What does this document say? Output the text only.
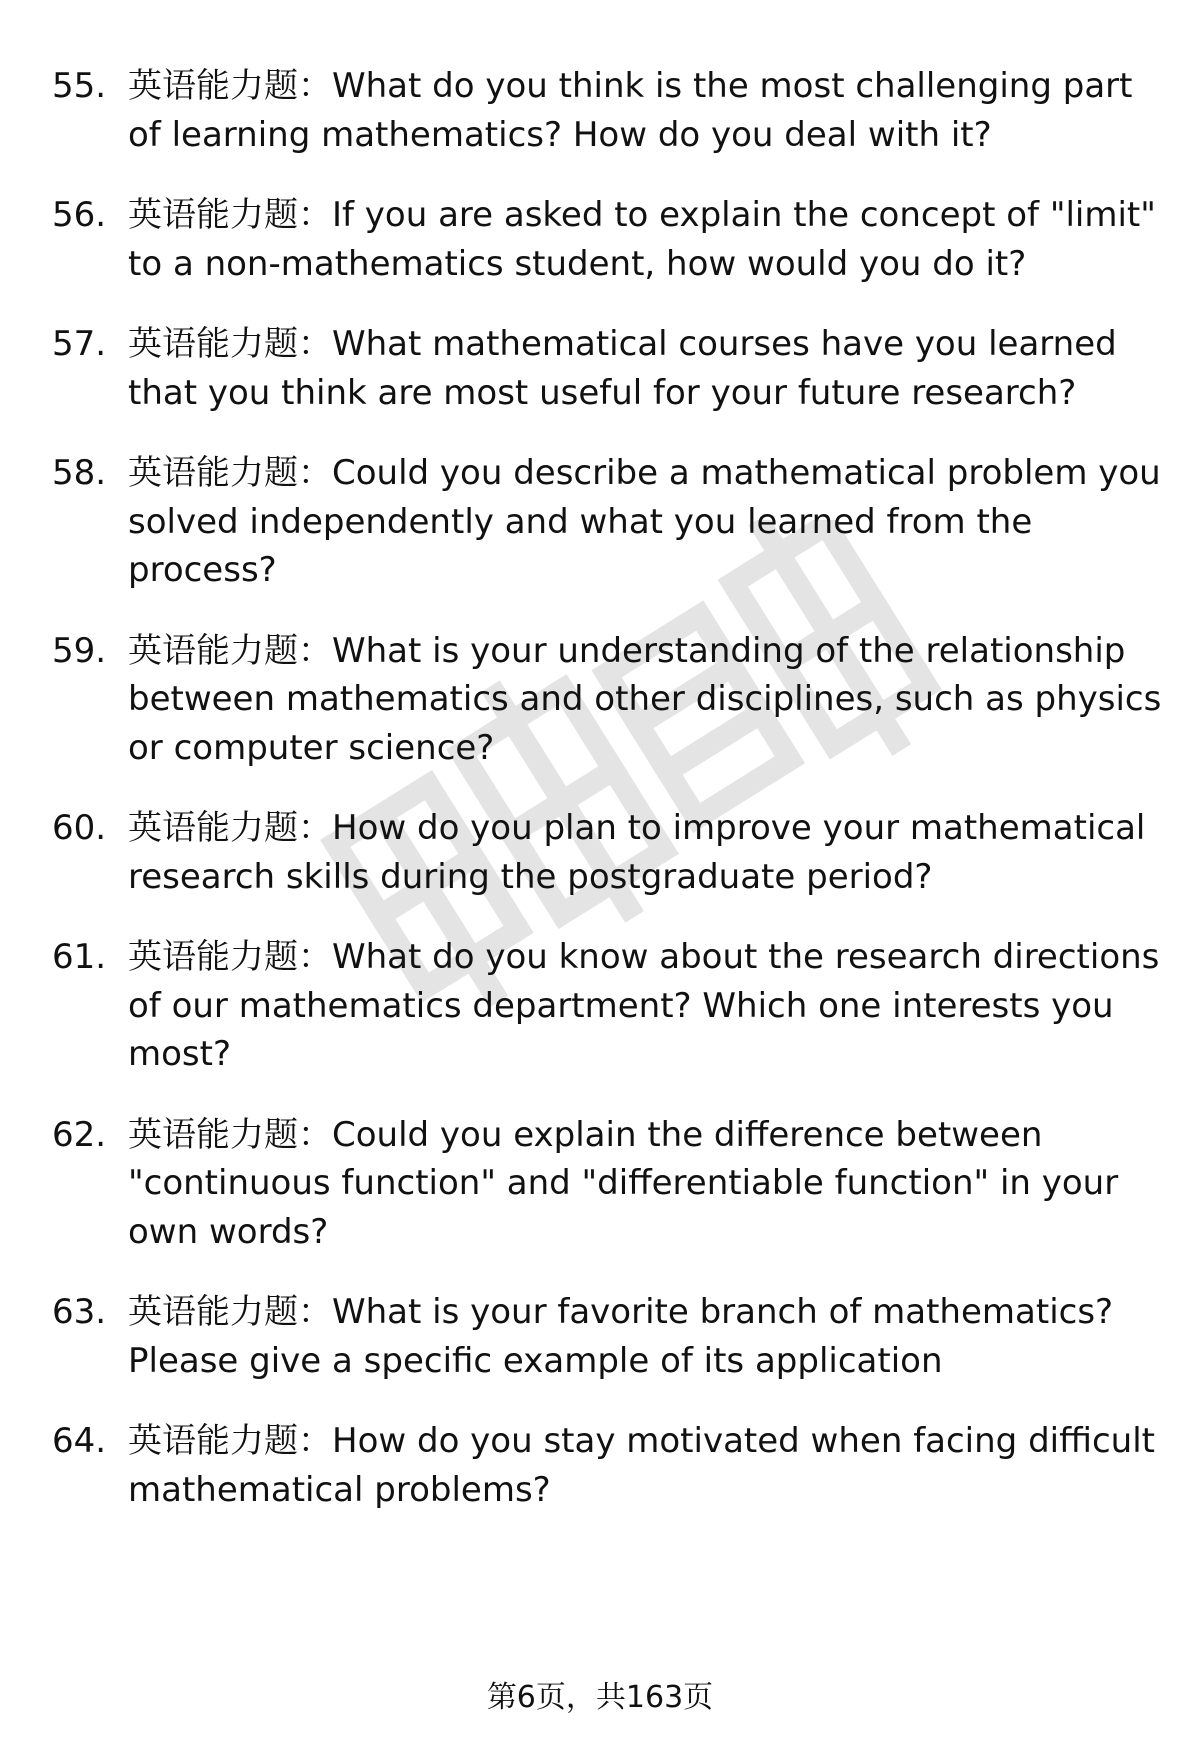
55. 英语能力题：What do you think is the most challenging part of learning mathematics? How do you deal with it?
56. 英语能力题：If you are asked to explain the concept of "limit" to a non-mathematics student, how would you do it?
57. 英语能力题：What mathematical courses have you learned that you think are most useful for your future research?
58. 英语能力题：Could you describe a mathematical problem you solved independently and what you learned from the process?
59. 英语能力题：What is your understanding of the relationship between mathematics and other disciplines, such as physics or computer science?
60. 英语能力题：How do you plan to improve your mathematical research skills during the postgraduate period?
61. 英语能力题：What do you know about the research directions of our mathematics department? Which one interests you most?
62. 英语能力题：Could you explain the difference between "continuous function" and "differentiable function" in your own words?
63. 英语能力题：What is your favorite branch of mathematics? Please give a specific example of its application
64. 英语能力题：How do you stay motivated when facing difficult mathematical problems?
第6页，共163页
